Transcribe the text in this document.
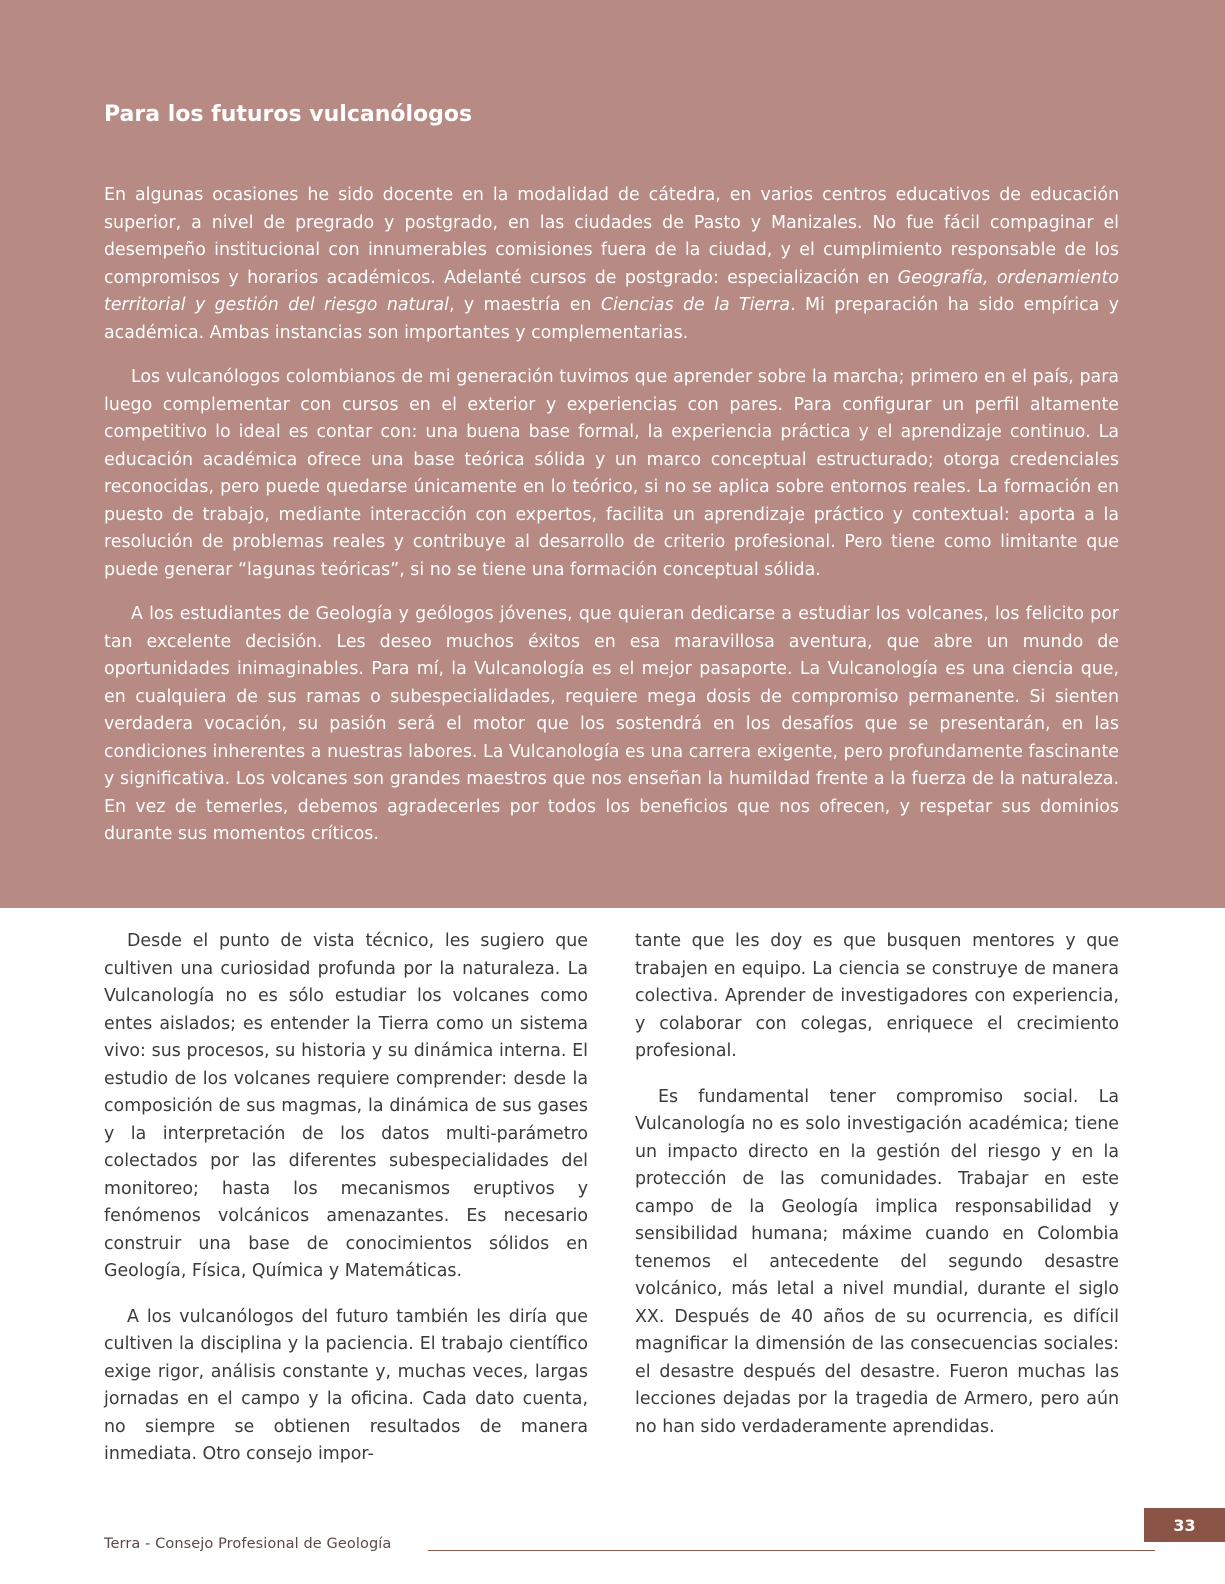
Para los futuros vulcanólogos

En algunas ocasiones he sido docente en la modalidad de cátedra, en varios centros educativos de educación superior, a nivel de pregrado y postgrado, en las ciudades de Pasto y Manizales. No fue fácil compaginar el desempeño institucional con innumerables comisiones fuera de la ciudad, y el cumplimiento responsable de los compromisos y horarios académicos. Adelanté cursos de postgrado: especialización en Geografía, ordenamiento territorial y gestión del riesgo natural, y maestría en Ciencias de la Tierra. Mi preparación ha sido empírica y académica. Ambas instancias son importantes y complementarias.

Los vulcanólogos colombianos de mi generación tuvimos que aprender sobre la marcha; primero en el país, para luego complementar con cursos en el exterior y experiencias con pares. Para configurar un perfil altamente competitivo lo ideal es contar con: una buena base formal, la experiencia práctica y el aprendizaje continuo. La educación académica ofrece una base teórica sólida y un marco conceptual estructurado; otorga credenciales reconocidas, pero puede quedarse únicamente en lo teórico, si no se aplica sobre entornos reales. La formación en puesto de trabajo, mediante interacción con expertos, facilita un aprendizaje práctico y contextual: aporta a la resolución de problemas reales y contribuye al desarrollo de criterio profesional. Pero tiene como limitante que puede generar “lagunas teóricas”, si no se tiene una formación conceptual sólida.

A los estudiantes de Geología y geólogos jóvenes, que quieran dedicarse a estudiar los volcanes, los felicito por tan excelente decisión. Les deseo muchos éxitos en esa maravillosa aventura, que abre un mundo de oportunidades inimaginables. Para mí, la Vulcanología es el mejor pasaporte. La Vulcanología es una ciencia que, en cualquiera de sus ramas o subespecialidades, requiere mega dosis de compromiso permanente. Si sienten verdadera vocación, su pasión será el motor que los sostendrá en los desafíos que se presentarán, en las condiciones inherentes a nuestras labores. La Vulcanología es una carrera exigente, pero profundamente fascinante y significativa. Los volcanes son grandes maestros que nos enseñan la humildad frente a la fuerza de la naturaleza. En vez de temerles, debemos agradecerles por todos los beneficios que nos ofrecen, y respetar sus dominios durante sus momentos críticos.

Desde el punto de vista técnico, les sugiero que cultiven una curiosidad profunda por la naturaleza. La Vulcanología no es sólo estudiar los volcanes como entes aislados; es entender la Tierra como un sistema vivo: sus procesos, su historia y su dinámica interna. El estudio de los volcanes requiere comprender: desde la composición de sus magmas, la dinámica de sus gases y la interpretación de los datos multi-parámetro colectados por las diferentes subespecialidades del monitoreo; hasta los mecanismos eruptivos y fenómenos volcánicos amenazantes. Es necesario construir una base de conocimientos sólidos en Geología, Física, Química y Matemáticas.

A los vulcanólogos del futuro también les diría que cultiven la disciplina y la paciencia. El trabajo científico exige rigor, análisis constante y, muchas veces, largas jornadas en el campo y la oficina. Cada dato cuenta, no siempre se obtienen resultados de manera inmediata. Otro consejo impor-

tante que les doy es que busquen mentores y que trabajen en equipo. La ciencia se construye de manera colectiva. Aprender de investigadores con experiencia, y colaborar con colegas, enriquece el crecimiento profesional.

Es fundamental tener compromiso social. La Vulcanología no es solo investigación académica; tiene un impacto directo en la gestión del riesgo y en la protección de las comunidades. Trabajar en este campo de la Geología implica responsabilidad y sensibilidad humana; máxime cuando en Colombia tenemos el antecedente del segundo desastre volcánico, más letal a nivel mundial, durante el siglo XX. Después de 40 años de su ocurrencia, es difícil magnificar la dimensión de las consecuencias sociales: el desastre después del desastre. Fueron muchas las lecciones dejadas por la tragedia de Armero, pero aún no han sido verdaderamente aprendidas.

Terra - Consejo Profesional de Geología
33
